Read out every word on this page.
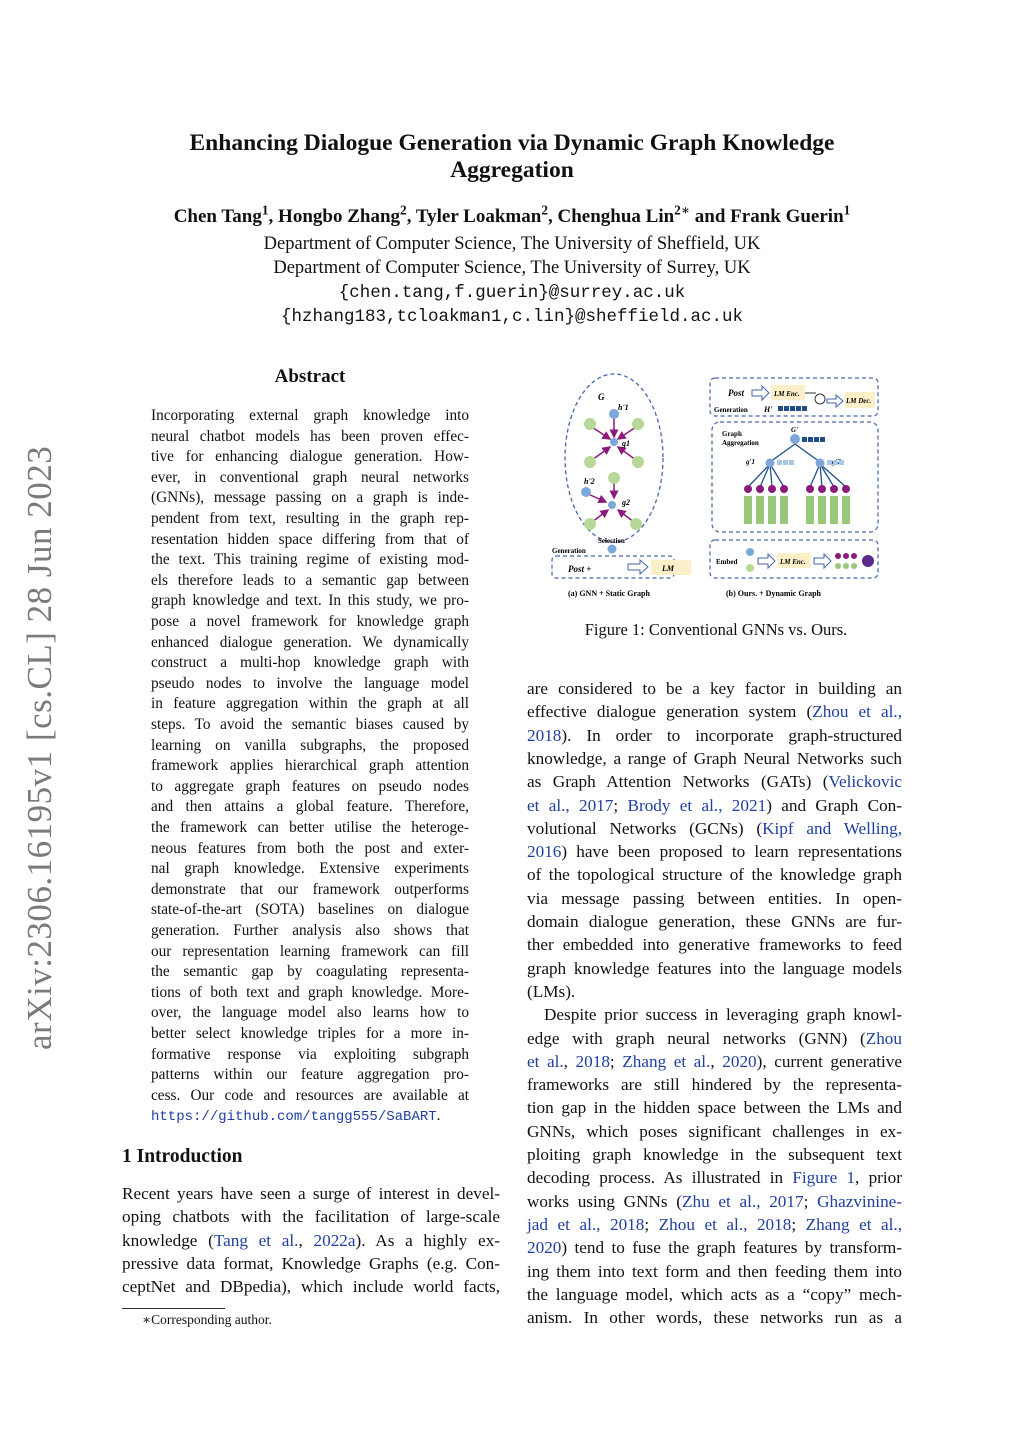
arXiv:2306.16195v1 [cs.CL] 28 Jun 2023
Enhancing Dialogue Generation via Dynamic Graph Knowledge
Aggregation
Chen Tang$^1$, Hongbo Zhang$^2$, Tyler Loakman$^2$, Chenghua Lin$^{2∗}$ and Frank Guerin$^1$
Department of Computer Science, The University of Sheffield, UK
Department of Computer Science, The University of Surrey, UK
{chen.tang,f.guerin}@surrey.ac.uk
{hzhang183,tcloakman1,c.lin}@sheffield.ac.uk
Abstract
Incorporating external graph knowledge into
neural chatbot models has been proven effec-
tive for enhancing dialogue generation. How-
ever, in conventional graph neural networks
(GNNs), message passing on a graph is inde-
pendent from text, resulting in the graph rep-
resentation hidden space differing from that of
the text. This training regime of existing mod-
els therefore leads to a semantic gap between
graph knowledge and text. In this study, we pro-
pose a novel framework for knowledge graph
enhanced dialogue generation. We dynamically
construct a multi-hop knowledge graph with
pseudo nodes to involve the language model
in feature aggregation within the graph at all
steps. To avoid the semantic biases caused by
learning on vanilla subgraphs, the proposed
framework applies hierarchical graph attention
to aggregate graph features on pseudo nodes
and then attains a global feature. Therefore,
the framework can better utilise the heteroge-
neous features from both the post and exter-
nal graph knowledge. Extensive experiments
demonstrate that our framework outperforms
state-of-the-art (SOTA) baselines on dialogue
generation. Further analysis also shows that
our representation learning framework can fill
the semantic gap by coagulating representa-
tions of both text and graph knowledge. More-
over, the language model also learns how to
better select knowledge triples for a more in-
formative response via exploiting subgraph
patterns within our feature aggregation pro-
cess. Our code and resources are available at
https://github.com/tangg555/SaBART.
1 Introduction
Recent years have seen a surge of interest in devel-
oping chatbots with the facilitation of large-scale
knowledge (Tang et al., 2022a). As a highly ex-
pressive data format, Knowledge Graphs (e.g. Con-
ceptNet and DBpedia), which include world facts,
∗Corresponding author.
are considered to be a key factor in building an
effective dialogue generation system (Zhou et al.,
2018). In order to incorporate graph-structured
knowledge, a range of Graph Neural Networks such
as Graph Attention Networks (GATs) (Velickovic
et al., 2017; Brody et al., 2021) and Graph Con-
volutional Networks (GCNs) (Kipf and Welling,
2016) have been proposed to learn representations
of the topological structure of the knowledge graph
via message passing between entities. In open-
domain dialogue generation, these GNNs are fur-
ther embedded into generative frameworks to feed
graph knowledge features into the language models
(LMs).
Despite prior success in leveraging graph knowl-
edge with graph neural networks (GNN) (Zhou
et al., 2018; Zhang et al., 2020), current generative
frameworks are still hindered by the representa-
tion gap in the hidden space between the LMs and
GNNs, which poses significant challenges in ex-
ploiting graph knowledge in the subsequent text
decoding process. As illustrated in Figure 1, prior
works using GNNs (Zhu et al., 2017; Ghazvinine-
jad et al., 2018; Zhou et al., 2018; Zhang et al.,
2020) tend to fuse the graph features by transform-
ing them into text form and then feeding them into
the language model, which acts as a “copy” mech-
anism. In other words, these networks run as a
G
h'1
g1
h'2
g2
Selection
Generation
Post +	LM
(a) GNN + Static Graph
Post	LM Enc.
LM Dec.
Generation H'
Graph
Aggregation
G'
g'1
Embed	LM Enc.
(b) Ours. + Dynamic Graph
Figure 1: Conventional GNNs vs. Ours.
